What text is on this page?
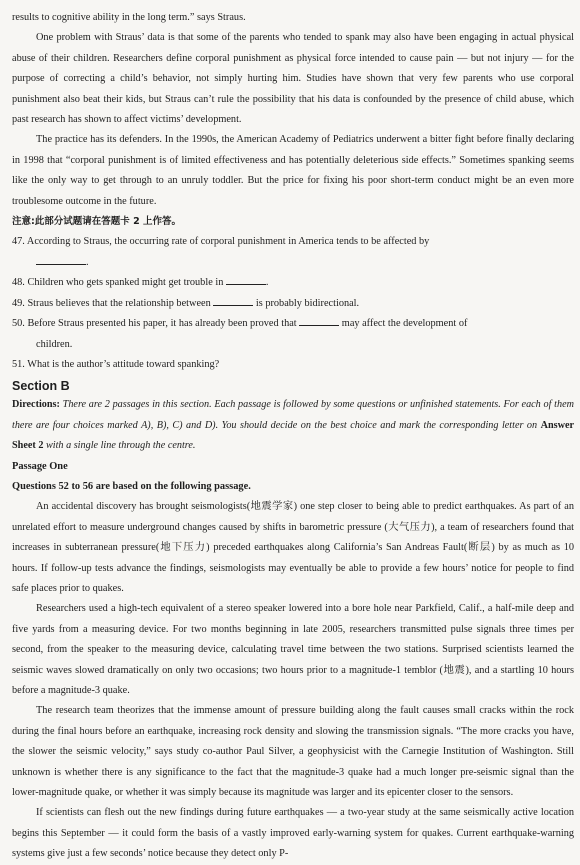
results to cognitive ability in the long term.” says Straus.

One problem with Straus’ data is that some of the parents who tended to spank may also have been engaging in actual physical abuse of their children. Researchers define corporal punishment as physical force intended to cause pain — but not injury — for the purpose of correcting a child’s behavior, not simply hurting him. Studies have shown that very few parents who use corporal punishment also beat their kids, but Straus can’t rule the possibility that his data is confounded by the presence of child abuse, which past research has shown to affect victims’ development.

The practice has its defenders. In the 1990s, the American Academy of Pediatrics underwent a bitter fight before finally declaring in 1998 that “corporal punishment is of limited effectiveness and has potentially deleterious side effects.” Sometimes spanking seems like the only way to get through to an unruly toddler. But the price for fixing his poor short-term conduct might be an even more troublesome outcome in the future.

注意:此部分试题请在答题卡 2 上作答。
47. According to Straus, the occurring rate of corporal punishment in America tends to be affected by
.
48. Children who gets spanked might get trouble in	.
49. Straus believes that the relationship between	is probably bidirectional.
50. Before Straus presented his paper, it has already been proved that	may affect the development of
children.
51. What is the author’s attitude toward spanking?
Section B
Directions: There are 2 passages in this section. Each passage is followed by some questions or unfinished statements. For each of them there are four choices marked A), B), C) and D). You should decide on the best choice and mark the corresponding letter on Answer Sheet 2 with a single line through the centre.
Passage One
Questions 52 to 56 are based on the following passage.

An accidental discovery has brought seismologists(地震学家) one step closer to being able to predict earthquakes. As part of an unrelated effort to measure underground changes caused by shifts in barometric pressure (大气压力), a team of researchers found that increases in subterranean pressure(地下压力) preceded earthquakes along California’s San Andreas Fault(断层) by as much as 10 hours. If follow-up tests advance the findings, seismologists may eventually be able to provide a few hours’ notice for people to find safe places prior to quakes.

Researchers used a high-tech equivalent of a stereo speaker lowered into a bore hole near Parkfield, Calif., a half-mile deep and five yards from a measuring device. For two months beginning in late 2005, researchers transmitted pulse signals three times per second, from the speaker to the measuring device, calculating travel time between the two stations. Surprised scientists learned the seismic waves slowed dramatically on only two occasions; two hours prior to a magnitude-1 temblor (地震), and a startling 10 hours before a magnitude-3 quake.

The research team theorizes that the immense amount of pressure building along the fault causes small cracks within the rock during the final hours before an earthquake, increasing rock density and slowing the transmission signals. “The more cracks you have, the slower the seismic velocity,” says study co-author Paul Silver, a geophysicist with the Carnegie Institution of Washington. Still unknown is whether there is any significance to the fact that the magnitude-3 quake had a much longer pre-seismic signal than the lower-magnitude quake, or whether it was simply because its magnitude was larger and its epicenter closer to the sensors.

If scientists can flesh out the new findings during future earthquakes — a two-year study at the same seismically active location begins this September — it could form the basis of a vastly improved early-warning system for quakes. Current earthquake-warning systems give just a few seconds’ notice because they detect only P-
